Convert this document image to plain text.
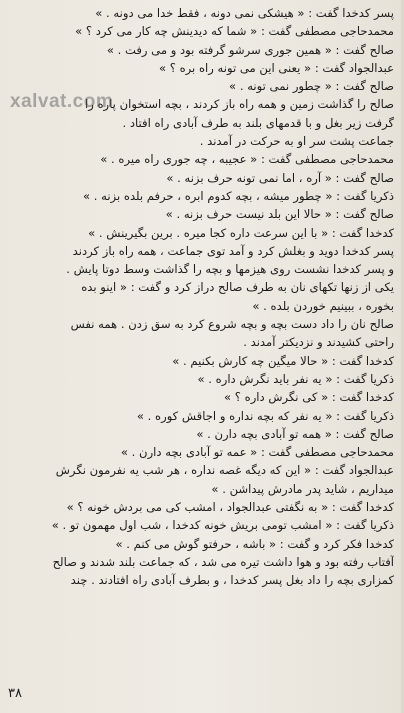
پسر کدخدا گفت : « هیشکی نمی دونه ، فقط خدا می دونه . »
محمدحاجی مصطفی گفت : « شما که دیدینش چه کار می کرد ؟ »
صالح گفت : « همین جوری سرشو گرفته بود و می رفت . »
عبدالجواد گفت : « یعنی این می تونه راه بره ؟ »
صالح گفت : « چطور نمی تونه . »
صالح را گذاشت زمین و همه راه باز کردند ، بچه استخوان پاره را
گرفت زیر بغل و با قدمهای بلند به طرف آبادی راه افتاد .
جماعت پشت سر او به حرکت در آمدند .
محمدحاجی مصطفی گفت : « عجیبه ، چه جوری راه میره . »
صالح گفت : « آره ، اما نمی تونه حرف بزنه . »
ذکریا گفت : « چطور میشه ، بچه کدوم ابره ، حرفم بلده بزنه . »
صالح گفت : « حالا این بلد نیست حرف بزنه . »
کدخدا گفت : « با این سرعت داره کجا میره . برین بگیرینش . »
پسر کدخدا دوید و بغلش کرد و آمد توی جماعت ، همه راه باز کردند
و پسر کدخدا نشست روی هیزمها و بچه را گذاشت وسط دوتا پایش .
یکی از زنها تکهای نان به طرف صالح دراز کرد و گفت : « اینو بده
بخوره ، ببینیم خوردن بلده . »
صالح نان را داد دست بچه و بچه شروع کرد به سق زدن . همه نفس
راحتی کشیدند و نزدیکتر آمدند .
کدخدا گفت : « حالا میگین چه کارش بکنیم . »
ذکریا گفت : « یه نفر باید نگرش داره . »
کدخدا گفت : « کی نگرش داره ؟ »
ذکریا گفت : « یه نفر که بچه نداره و اجاقش کوره . »
صالح گفت : « همه تو آبادی بچه دارن . »
محمدحاجی مصطفی گفت : « عمه تو آبادی بچه دارن . »
عبدالجواد گفت : « این که دیگه غصه نداره ، هر شب یه نفرمون نگرش
میداریم ، شاید پدر مادرش پیداشن . »
کدخدا گفت : « به نگفتی عبدالجواد ، امشب کی می بردش خونه ؟ »
ذکریا گفت : « امشب تومی بریش خونه کدخدا ، شب اول مهمون تو . »
کدخدا فکر کرد و گفت : « باشه ، حرفتو گوش می کنم . »
آفتاب رفته بود و هوا داشت تیره می شد ، که جماعت بلند شدند و صالح
کمزاری بچه را داد بغل پسر کدخدا ، و بطرف آبادی راه افتادند . چند
xalvat.com
۳۸
